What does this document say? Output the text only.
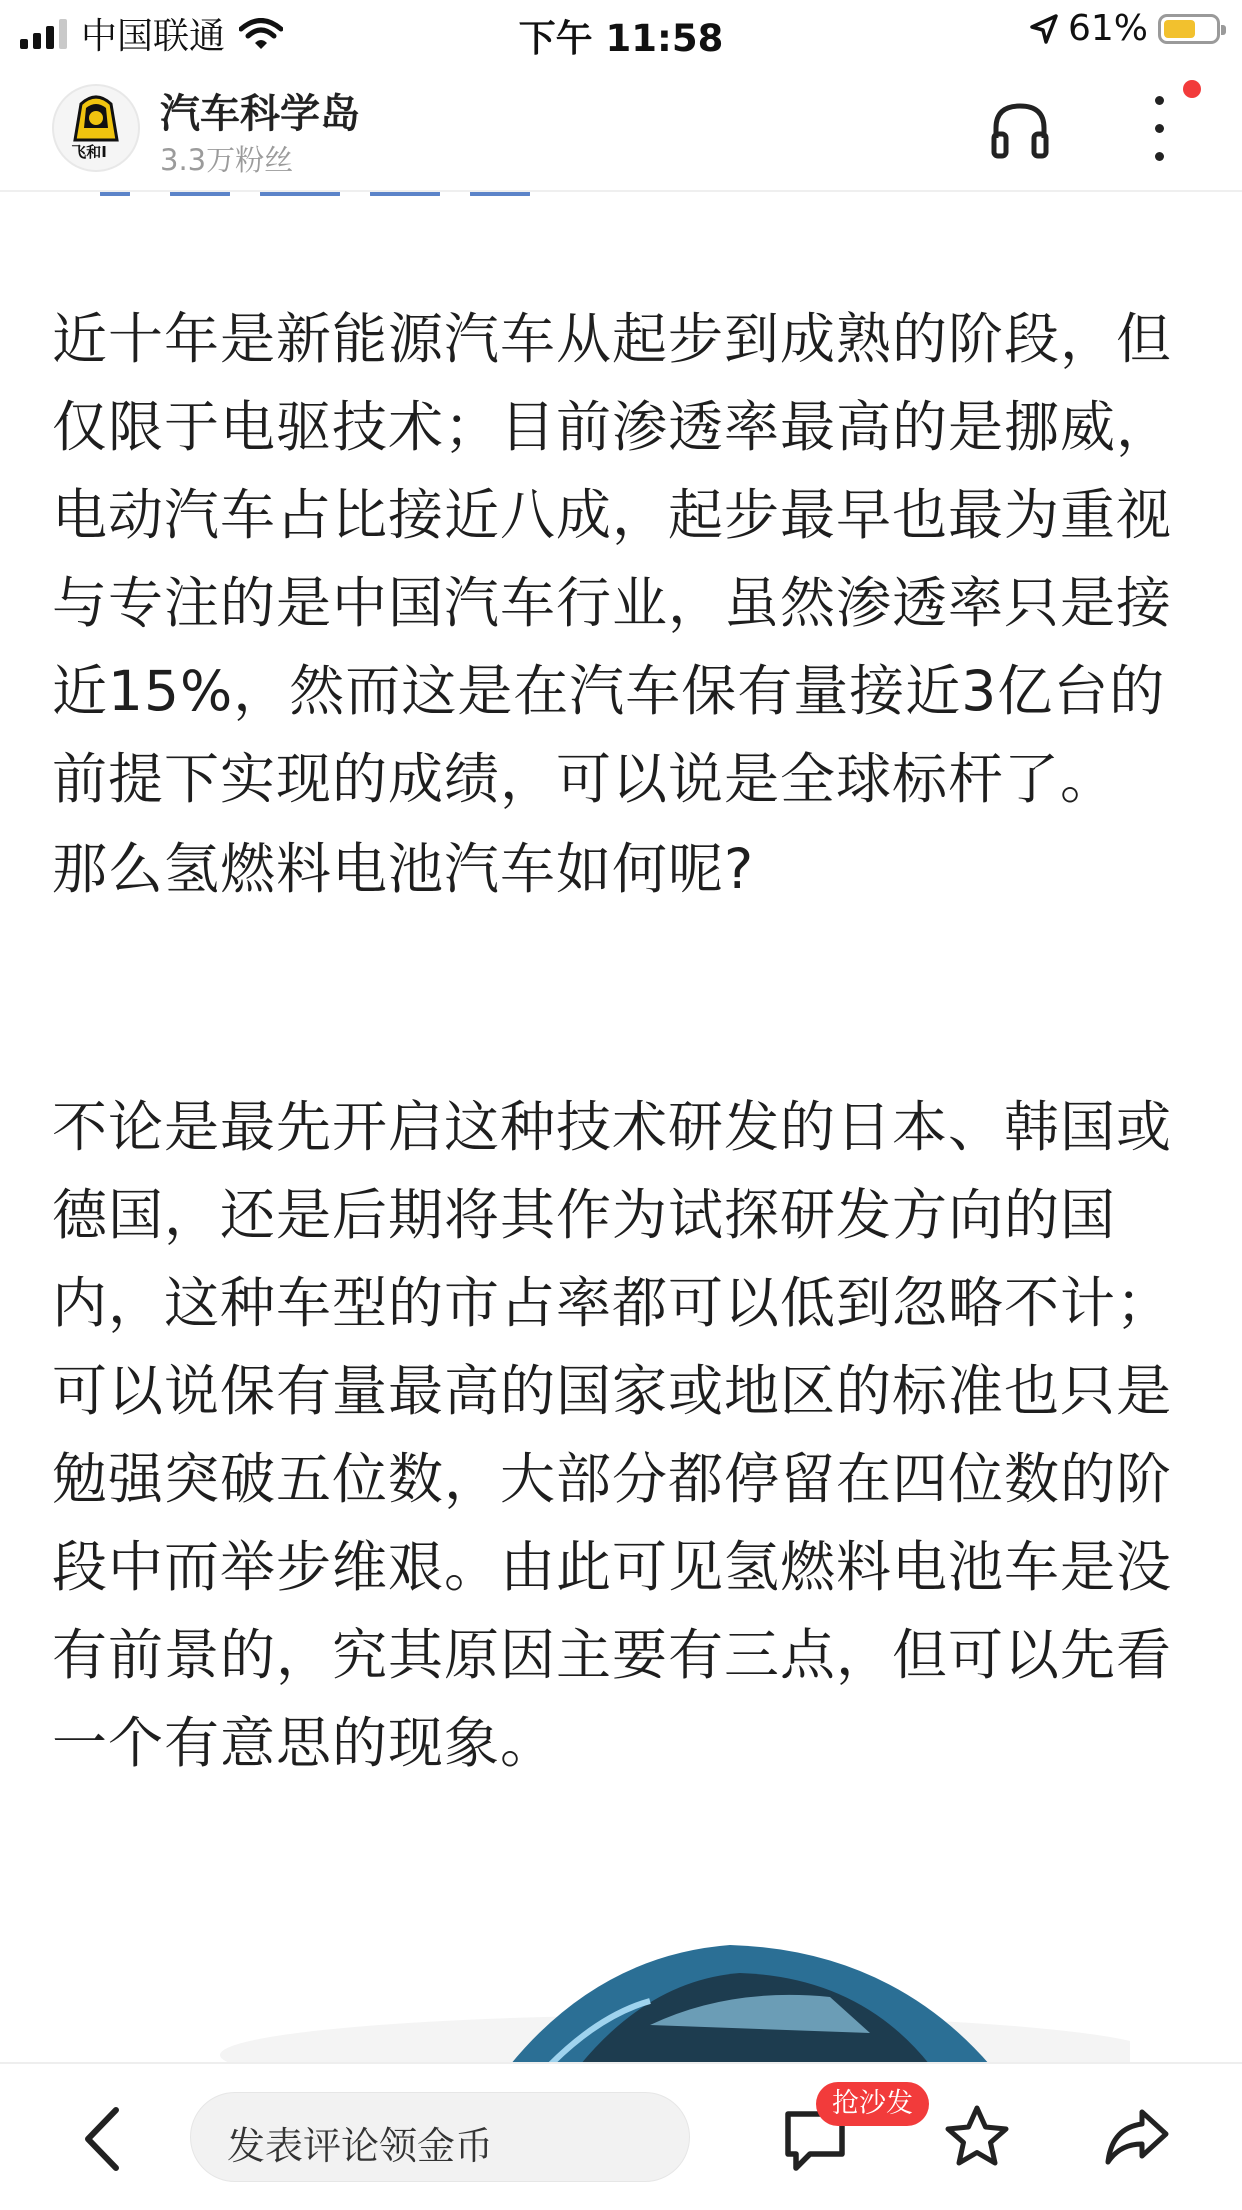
中国联通	下午 11:58	61%
飞和I
汽车科学岛
3.3万粉丝

近十年是新能源汽车从起步到成熟的阶段，但仅限于电驱技术；目前渗透率最高的是挪威，电动汽车占比接近八成，起步最早也最为重视与专注的是中国汽车行业，虽然渗透率只是接近15%，然而这是在汽车保有量接近3亿台的前提下实现的成绩，可以说是全球标杆了。

那么氢燃料电池汽车如何呢?

不论是最先开启这种技术研发的日本、韩国或德国，还是后期将其作为试探研发方向的国内，这种车型的市占率都可以低到忽略不计；可以说保有量最高的国家或地区的标准也只是勉强突破五位数，大部分都停留在四位数的阶段中而举步维艰。由此可见氢燃料电池车是没有前景的，究其原因主要有三点，但可以先看一个有意思的现象。

发表评论领金币
抢沙发
